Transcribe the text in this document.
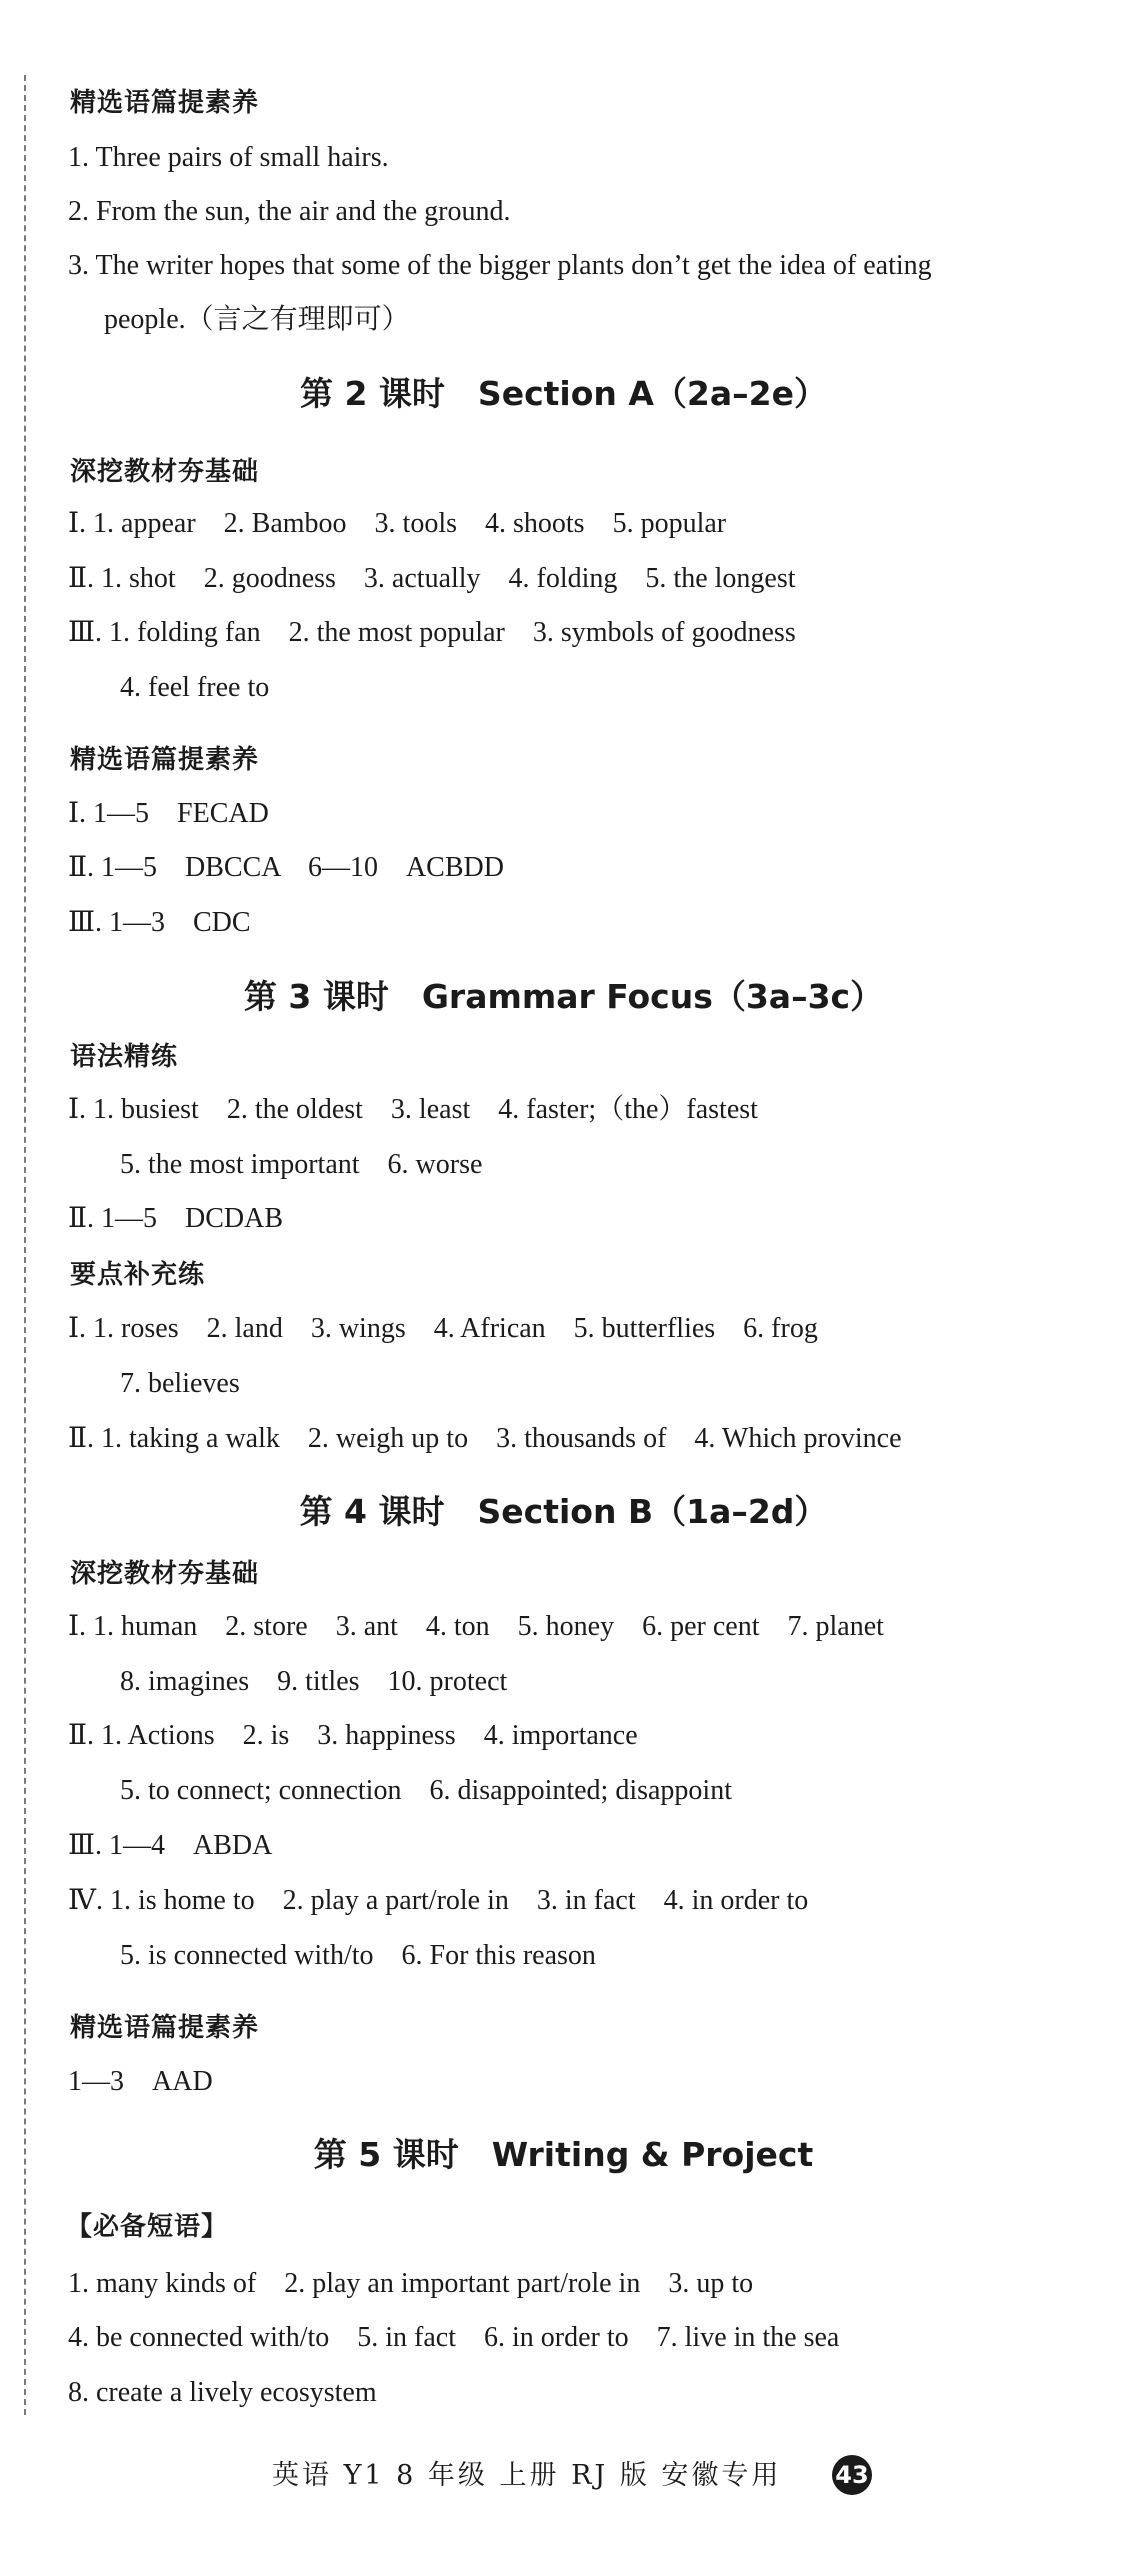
精选语篇提素养
1. Three pairs of small hairs.
2. From the sun, the air and the ground.
3. The writer hopes that some of the bigger plants don’t get the idea of eating
people.（言之有理即可）
第 2 课时　Section A（2a–2e）
深挖教材夯基础
Ⅰ. 1. appear　2. Bamboo　3. tools　4. shoots　5. popular
Ⅱ. 1. shot　2. goodness　3. actually　4. folding　5. the longest
Ⅲ. 1. folding fan　2. the most popular　3. symbols of goodness
4. feel free to
精选语篇提素养
Ⅰ. 1—5　FECAD
Ⅱ. 1—5　DBCCA　6—10　ACBDD
Ⅲ. 1—3　CDC
第 3 课时　Grammar Focus（3a–3c）
语法精练
Ⅰ. 1. busiest　2. the oldest　3. least　4. faster;（the）fastest
5. the most important　6. worse
Ⅱ. 1—5　DCDAB
要点补充练
Ⅰ. 1. roses　2. land　3. wings　4. African　5. butterflies　6. frog
7. believes
Ⅱ. 1. taking a walk　2. weigh up to　3. thousands of　4. Which province
第 4 课时　Section B（1a–2d）
深挖教材夯基础
Ⅰ. 1. human　2. store　3. ant　4. ton　5. honey　6. per cent　7. planet
8. imagines　9. titles　10. protect
Ⅱ. 1. Actions　2. is　3. happiness　4. importance
5. to connect; connection　6. disappointed; disappoint
Ⅲ. 1—4　ABDA
Ⅳ. 1. is home to　2. play a part/role in　3. in fact　4. in order to
5. is connected with/to　6. For this reason
精选语篇提素养
1—3　AAD
第 5 课时　Writing & Project
【必备短语】
1. many kinds of　2. play an important part/role in　3. up to
4. be connected with/to　5. in fact　6. in order to　7. live in the sea
8. create a lively ecosystem
英语 Y1 8 年级 上册 RJ 版 安徽专用 43
